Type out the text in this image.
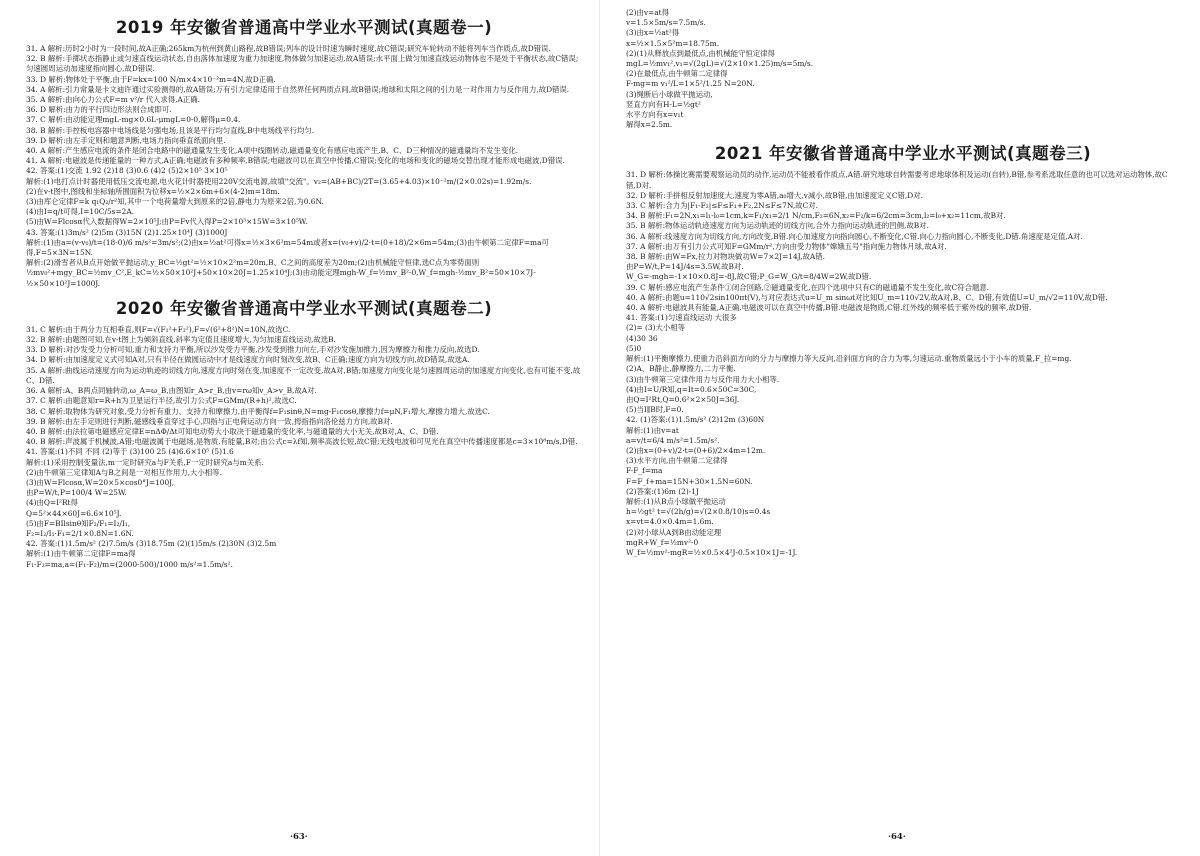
2019 年安徽省普通高中学业水平测试(真题卷一)
31. A 解析:历时2小时为一段时间,故A正确;265km为杭州到黄山路程,故B错误;列车的设计时速为瞬时速度,故C错误;研究车轮转动不能将列车当作质点,故D错误.
32. B 解析:手掷状态指静止或匀速直线运动状态,自由落体加速度为重力加速度,物体做匀加速运动,故A错误;水平面上做匀加速直线运动物体也不是处于平衡状态,故C错误;匀速圆周运动加速度指向圆心,故D错误.
33. D 解析:物体处于平衡,由于F=kx=100 N/m×4×10⁻²m=4N,故D正确.
34. A 解析:引力常量是卡文迪许通过实验测得的,故A错误;万有引力定律适用于自然界任何两质点间,故B错误;地球和太阳之间的引力是一对作用力与反作用力,故D错误.
35. A 解析:由向心力公式F=m v²/r 代入求得,A正确.
36. D 解析:由力的平行四边形法则合成即可.
37. C 解析:由动能定理mgL-mg×0.6L-μmgL=0-0,解得μ=0.4.
38. B 解析:手控板电容器中电场线是匀强电场,且该是平行均匀直线,B中电场线平行均匀.
39. D 解析:由左手定则和题意判断,电场力指向垂直纸面向里.
40. A 解析:产生感应电流的条件是闭合电路中的磁通量发生变化,A项中线圈转动,磁通量变化有感应电流产生,B、C、D三种情况的磁通量均不发生变化.
41. A 解析:电磁波是传递能量的一种方式,A正确;电磁波有多种频率,B错误;电磁波可以在真空中传播,C错误;变化的电场和变化的磁场交替出现才能形成电磁波,D错误.
42. 答案:(1)交流 1.92 (2)18 (3)0.6 (4)2 (5)2×10⁵ 3×10⁵
解析:(1)电打点计时器使用低压交流电源,电火花计时器使用220V交流电源,故填"交流"。v₂=(AB+BC)/2T=(3.65+4.03)×10⁻²m/(2×0.02s)=1.92m/s.
(2)在v-t图中,图线和坐标轴所围面积为位移x=½×2×6m+6×(4-2)m=18m.
(3)由库仑定律F=k q₁Q₂/r²知,其中一个电荷量增大到原来的2倍,静电力为原来2倍,为0.6N.
(4)由I=q/t可得,I=10C/5s=2A.
(5)由W=Flcosα代入数据得W=2×10⁵J;由P=Fv代入得P=2×10³×15W=3×10⁵W.
43. 答案:(1)3m/s² (2)5m (3)15N (2)1.25×10⁴J (3)1000J
解析:(1)由a=(v-v₀)/t=(18-0)/6 m/s²=3m/s²;(2)由x=½at²可得x=½×3×6²m=54m或者x=(v₀+v)/2·t=(0+18)/2×6m=54m;(3)由牛顿第二定律F=ma可得,F=5×3N=15N.
解析:(2)滑雪者从B点开始做平抛运动,y_BC=½gt²=½×10×2²m=20m,B、C之间的高度差为20m;(2)由机械能守恒律,选C点为零势面则½mv₀²+mgy_BC=½mv_C²,E_kC=½×50×10²J+50×10×20J=1.25×10⁴J;(3)由动能定理mgh-W_f=½mv_B²-0,W_f=mgh-½mv_B²=50×10×7J-½×50×10²J=1000J.
2020 年安徽省普通高中学业水平测试(真题卷二)
31. C 解析:由于两分力互相垂直,则F=√(F₁²+F₂²),F=√(6²+8²)N=10N,故选C.
32. B 解析:由题图可知,在v-t图上为倾斜直线,斜率为定值且速度增大,为匀加速直线运动,故选B.
33. D 解析:对沙发受力分析可知,重力和支持力平衡,所以沙发受力平衡,沙发受到推力向左,手对沙发施加推力,因为摩擦力和推力反向,故选D.
34. D 解析:由加速度定义式可知A对,只有半径在做圆运动中才是线速度方向时刻改变,故B、C正确;速度方向为切线方向,故D错误,故选A.
35. A 解析:曲线运动速度方向为运动轨迹的切线方向,速度方向时刻在变,加速度不一定改变,故A对,B错;加速度方向变化是匀速圆周运动的加速度方向变化,也有可能不变,故C、D错.
36. A 解析:A、B两点同轴转动,ω_A=ω_B,由图知r_A>r_B,由v=rω知v_A>v_B,故A对.
37. C 解析:由题意知r=R+h为卫星运行半径,故引力公式F=GMm/(R+h)²,故选C.
38. C 解析:取物体为研究对象,受力分析有重力、支持力和摩擦力,由平衡得f=F₁sinθ,N=mg-F₁cosθ,摩擦力f=μN,F₁增大,摩擦力增大,故选C.
39. B 解析:由左手定则进行判断,磁感线垂直穿过手心,四指与正电荷运动方向一致,拇指指向洛伦兹力方向,故B对.
40. B 解析:由法拉第电磁感应定律E=nΔΦ/Δt可知电动势大小取决于磁通量的变化率,与磁通量的大小无关,故B对,A、C、D错.
40. B 解析:声波属于机械波,A错;电磁波属于电磁场,是物质,有能量,B对;由公式c=λf知,频率高波长短,故C错;无线电波和可见光在真空中传播速度都是c=3×10⁸m/s,D错.
41. 答案:(1)不同 不同 (2)等于 (3)100 25 (4)6.6×10⁵ (5)1.6
解析:(1)采用控制变量法,m一定时研究a与F关系,F一定时研究a与m关系.
(2)由牛顿第三定律知A与B之间是一对相互作用力,大小相等.
(3)由W=Flcosα,W=20×5×cos0°J=100J,
由P=W/t,P=100/4 W=25W.
(4)由Q=I²Rt得
Q=5²×44×60J=6.6×10⁵J.
(5)由F=BIlsinθ知F₂/F₁=I₂/I₁,
F₂=I₂/I₁·F₁=2/1×0.8N=1.6N.
42. 答案:(1)1.5m/s² (2)7.5m/s (3)18.75m (2)(1)5m/s (2)30N (3)2.5m
解析:(1)由牛顿第二定律F=ma得
F₁-F₂=ma,a=(F₁-F₂)/m=(2000-500)/1000 m/s²=1.5m/s².
·63·
(2)由v=at得
v=1.5×5m/s=7.5m/s.
(3)由x=½at²得
x=½×1.5×5²m=18.75m.
(2)(1)从释放点到最低点,由机械能守恒定律得
mgL=½mv₁²,v₁=√(2gL)=√(2×10×1.25)m/s=5m/s.
(2)在最低点,由牛顿第二定律得
F-mg=m v₁²/L=1×5²/1.25 N=20N.
(3)绳断后小球做平抛运动,
竖直方向有H-L=½gt²
水平方向有x=v₁t
解得x=2.5m.
2021 年安徽省普通高中学业水平测试(真题卷三)
31. D 解析:体操比赛需要观察运动员的动作,运动员不能被看作质点,A错.研究地球自转需要考虑地球体积及运动(自转),B错,参考系选取任意的也可以选对运动物体,故C错,D对.
32. D 解析:手拼相反射加速度大,速度为零A错,a₀增大,v减小,故B错,由加速度定义C错,D对.
33. C 解析:合力为|F₁-F₂|≤F≤F₁+F₂,2N≤F≤7N,故C对.
34. B 解析:F₁=2N,x₁=l₁-l₀=1cm,k=F₁/x₁=2/1 N/cm,F₂=6N,x₂=F₂/k=6/2cm=3cm,l₂=l₀+x₂=11cm,故B对.
35. B 解析:物体运动轨迹速度方向为运动轨迹的切线方向,合外力指向运动轨迹的凹侧,故B对.
36. A 解析:线速度方向为切线方向,方向改变,B错.向心加速度方向指向圆心,不断变化,C错.向心力指向圆心,不断变化,D错.角速度是定值,A对.
37. A 解析:由万有引力公式可知F=GMm/r²,方向由受力物体"嫦娥五号"指向施力物体月球,故A对.
38. B 解析:由W=Fx,拉力对物块做功W=7×2J=14J,故A错.
由P=W/t,P=14J/4s=3.5W,故B对.
W_G=-mgh=-1×10×0.8J=-8J,故C错;P_G=W_G/t=8/4W=2W,故D错.
39. C 解析:感应电流产生条件①闭合回路,②磁通量变化,在四个选项中只有C的磁通量不发生变化,故C符合题意.
40. A 解析:由题u=110√2sin100πt(V),与对应表达式u=U_m sinωt对比知U_m=110√2V,故A对,B、C、D错,有效值U=U_m/√2=110V,故D错.
40. A 解析:电磁波具有能量,A正确.电磁波可以在真空中传播,B错.电磁波是物质,C错.红外线的频率低于紫外线的频率,故D错.
41. 答案:(1)匀速直线运动 大很多
(2)= (3)大小相等
(4)30 36
(5)0
解析:(1)平衡摩擦力,使重力沿斜面方向的分力与摩擦力等大反向,沿斜面方向的合力为零,匀速运动.重物质量远小于小车的质量,F_拉=mg.
(2)A、B静止,静摩擦力,二力平衡.
(3)由牛顿第三定律作用力与反作用力大小相等.
(4)由I=U/R知,q=It=0.6×50C=30C,
由Q=I²Rt,Q=0.6²×2×50J=36J.
(5)当I∥B时,F=0.
42. (1)答案:(1)1.5m/s² (2)12m (3)60N
解析:(1)由v=at
a=v/t=6/4 m/s²=1.5m/s².
(2)由x=(0+v)/2·t=(0+6)/2×4m=12m.
(3)水平方向,由牛顿第二定律得
F-F_f=ma
F=F_f+ma=15N+30×1.5N=60N.
(2)答案:(1)6m (2)-1J
解析:(1)从B点小球做平抛运动
h=½gt² t=√(2h/g)=√(2×0.8/10)s=0.4s
x=vt=4.0×0.4m=1.6m.
(2)对小球从A到B由动能定理
mgR+W_f=½mv²-0
W_f=½mv²-mgR=½×0.5×4²J-0.5×10×1J=-1J.
·64·
